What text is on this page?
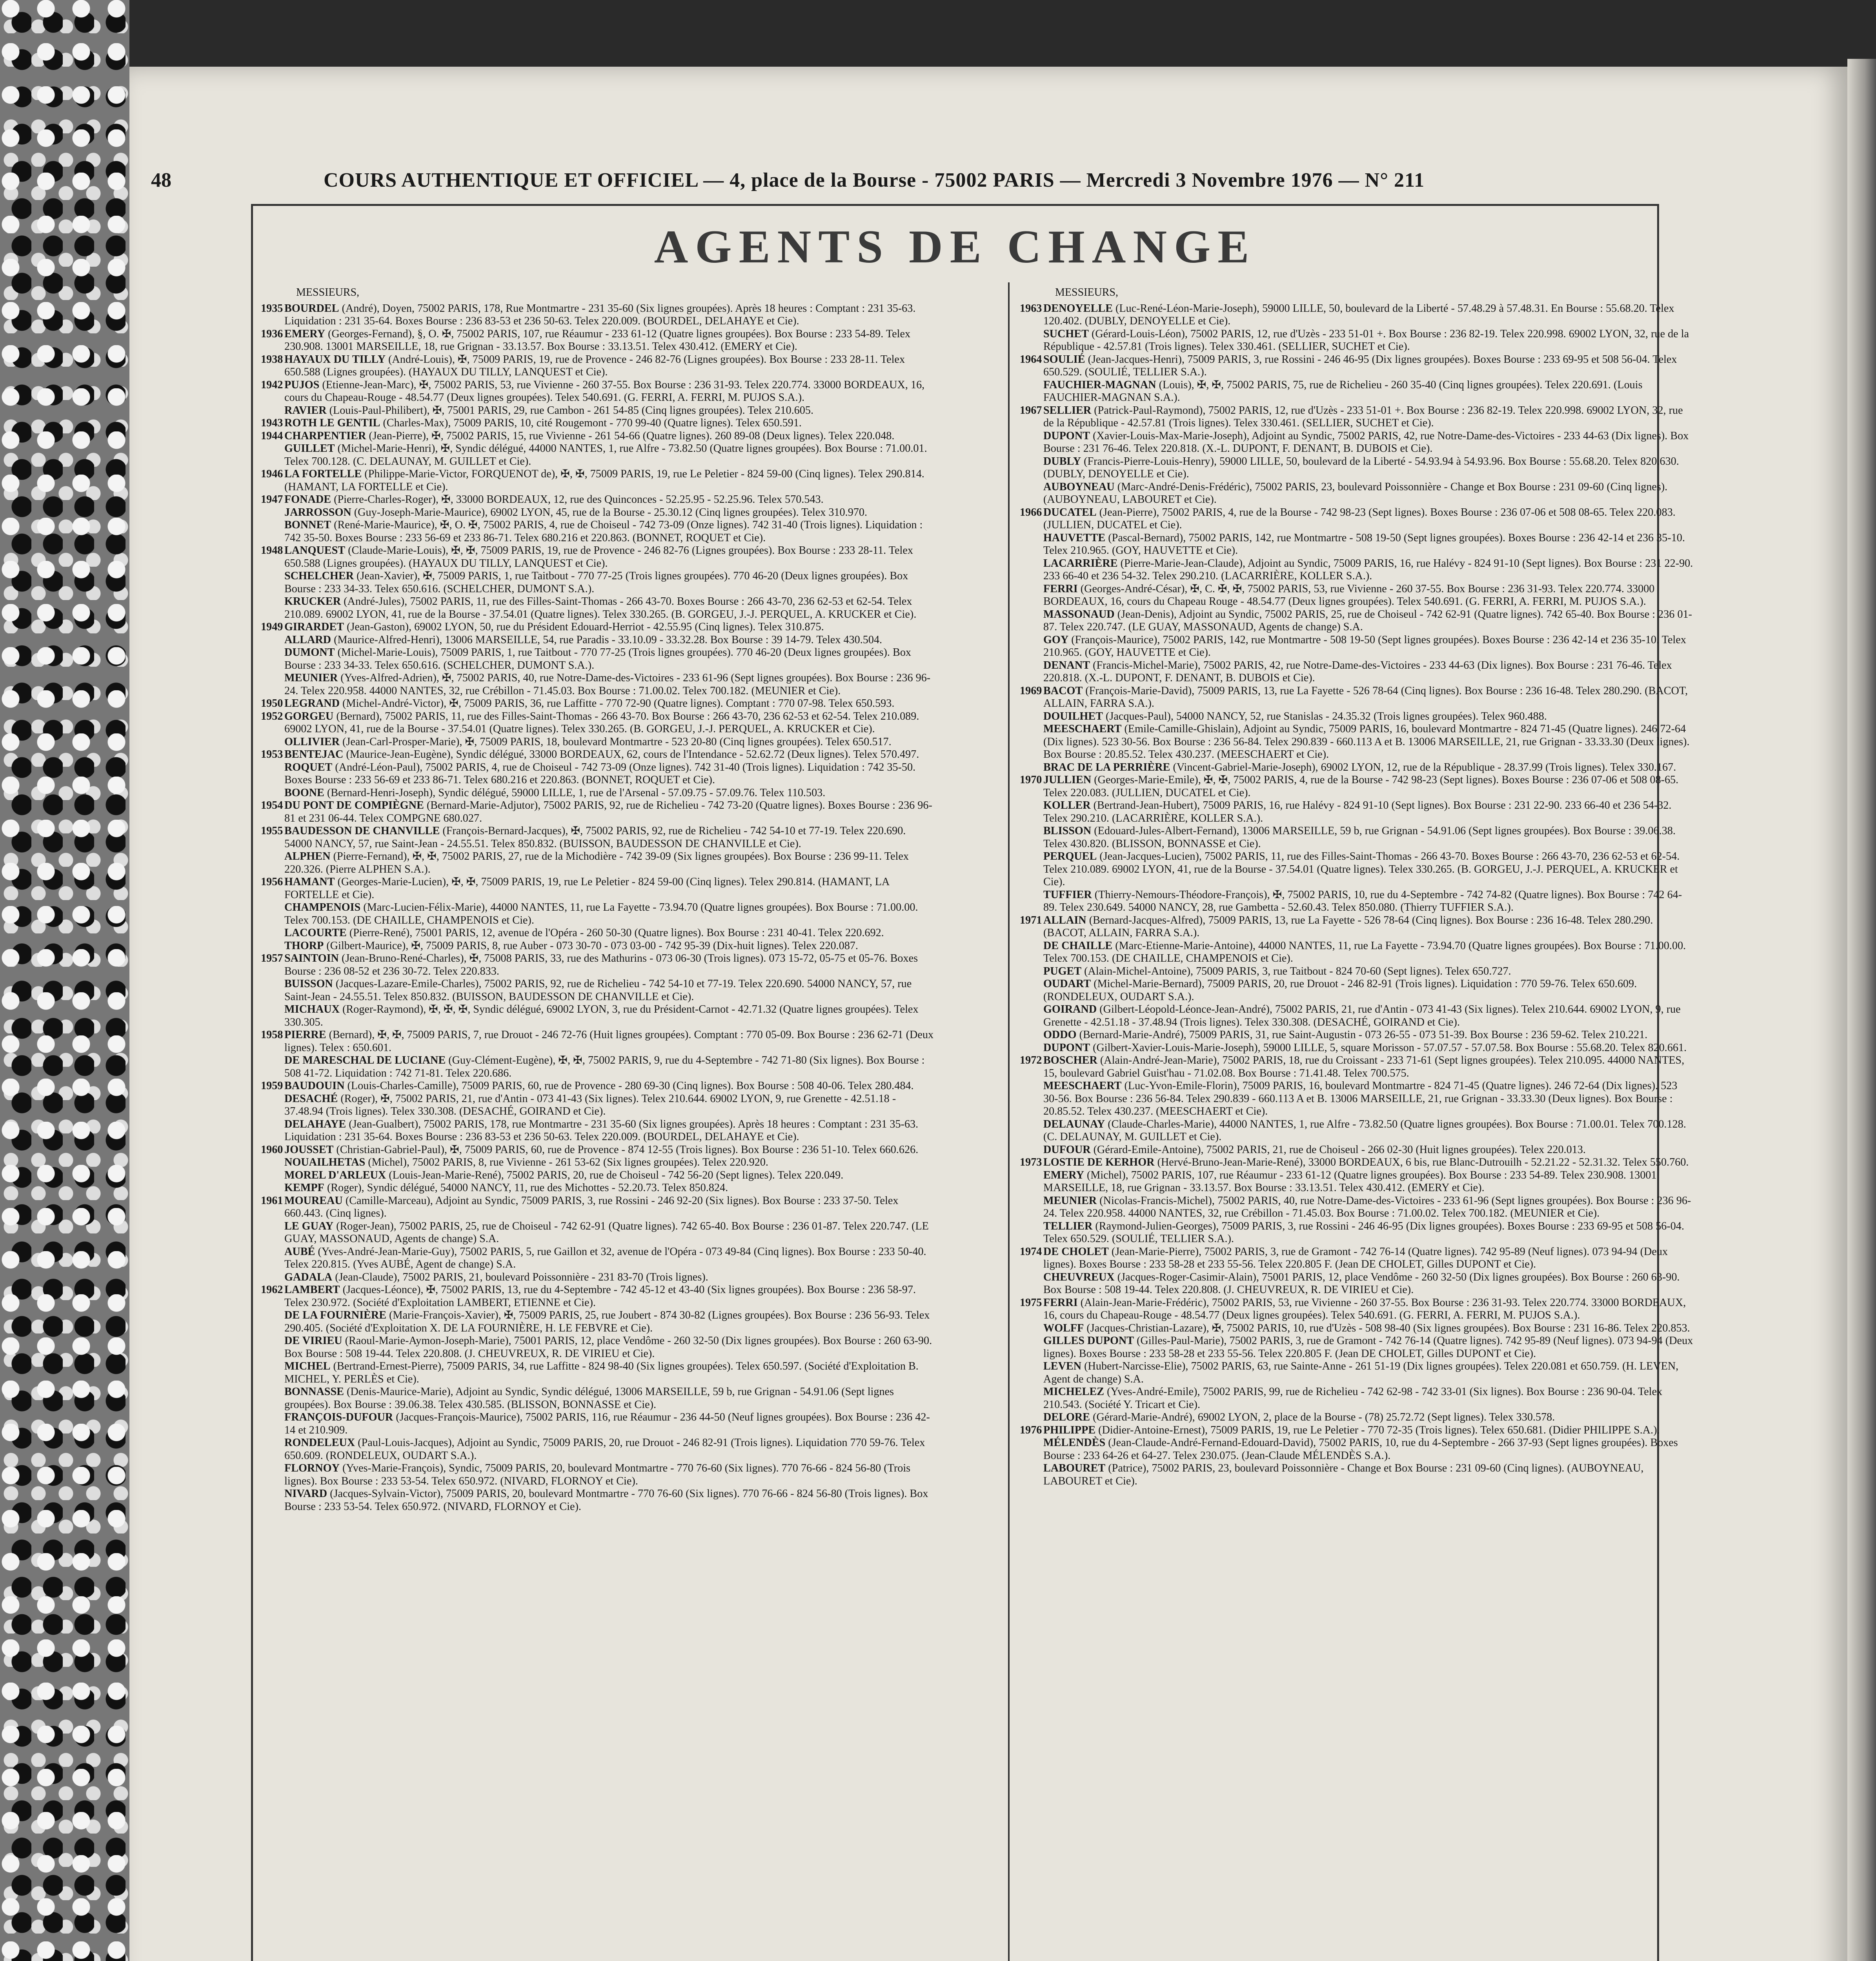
48	COURS AUTHENTIQUE ET OFFICIEL — 4, place de la Bourse - 75002 PARIS — Mercredi 3 Novembre 1976 — N° 211
AGENTS DE CHANGE
MESSIEURS,
1935 BOURDEL (André), Doyen, 75002 PARIS, 178, Rue Montmartre - 231 35-60 (Six lignes groupées). Après 18 heures : Comptant : 231 35-63. Liquidation : 231 35-64. Boxes Bourse : 236 83-53 et 236 50-63. Telex 220.009. (BOURDEL, DELAHAYE et Cie).
1936 EMERY (Georges-Fernand), §, O. ✠, 75002 PARIS, 107, rue Réaumur - 233 61-12 (Quatre lignes groupées). Box Bourse : 233 54-89. Telex 230.908. 13001 MARSEILLE, 18, rue Grignan - 33.13.57. Box Bourse : 33.13.51. Telex 430.412. (EMERY et Cie).
1938 HAYAUX DU TILLY (André-Louis), ✠, 75009 PARIS, 19, rue de Provence - 246 82-76 (Lignes groupées). Box Bourse : 233 28-11. Telex 650.588 (Lignes groupées). (HAYAUX DU TILLY, LANQUEST et Cie).
1942 PUJOS (Etienne-Jean-Marc), ✠, 75002 PARIS, 53, rue Vivienne - 260 37-55. Box Bourse : 236 31-93. Telex 220.774. 33000 BORDEAUX, 16, cours du Chapeau-Rouge - 48.54.77 (Deux lignes groupées). Telex 540.691. (G. FERRI, A. FERRI, M. PUJOS S.A.).
RAVIER (Louis-Paul-Philibert), ✠, 75001 PARIS, 29, rue Cambon - 261 54-85 (Cinq lignes groupées). Telex 210.605.
1943 ROTH LE GENTIL (Charles-Max), 75009 PARIS, 10, cité Rougemont - 770 99-40 (Quatre lignes). Telex 650.591.
1944 CHARPENTIER (Jean-Pierre), ✠, 75002 PARIS, 15, rue Vivienne - 261 54-66 (Quatre lignes). 260 89-08 (Deux lignes). Telex 220.048.
GUILLET (Michel-Marie-Henri), ✠, Syndic délégué, 44000 NANTES, 1, rue Alfre - 73.82.50 (Quatre lignes groupées). Box Bourse : 71.00.01. Telex 700.128. (C. DELAUNAY, M. GUILLET et Cie).
1946 LA FORTELLE (Philippe-Marie-Victor, FORQUENOT de), ✠, ✠, 75009 PARIS, 19, rue Le Peletier - 824 59-00 (Cinq lignes). Telex 290.814. (HAMANT, LA FORTELLE et Cie).
1947 FONADE (Pierre-Charles-Roger), ✠, 33000 BORDEAUX, 12, rue des Quinconces - 52.25.95 - 52.25.96. Telex 570.543.
JARROSSON (Guy-Joseph-Marie-Maurice), 69002 LYON, 45, rue de la Bourse - 25.30.12 (Cinq lignes groupées). Telex 310.970.
BONNET (René-Marie-Maurice), ✠, O. ✠, 75002 PARIS, 4, rue de Choiseul - 742 73-09 (Onze lignes). 742 31-40 (Trois lignes). Liquidation : 742 35-50. Boxes Bourse : 233 56-69 et 233 86-71. Telex 680.216 et 220.863. (BONNET, ROQUET et Cie).
1948 LANQUEST (Claude-Marie-Louis), ✠, ✠, 75009 PARIS, 19, rue de Provence - 246 82-76 (Lignes groupées). Box Bourse : 233 28-11. Telex 650.588 (Lignes groupées). (HAYAUX DU TILLY, LANQUEST et Cie).
SCHELCHER (Jean-Xavier), ✠, 75009 PARIS, 1, rue Taitbout - 770 77-25 (Trois lignes groupées). 770 46-20 (Deux lignes groupées). Box Bourse : 233 34-33. Telex 650.616. (SCHELCHER, DUMONT S.A.).
KRUCKER (André-Jules), 75002 PARIS, 11, rue des Filles-Saint-Thomas - 266 43-70. Boxes Bourse : 266 43-70, 236 62-53 et 62-54. Telex 210.089. 69002 LYON, 41, rue de la Bourse - 37.54.01 (Quatre lignes). Telex 330.265. (B. GORGEU, J.-J. PERQUEL, A. KRUCKER et Cie).
1949 GIRARDET (Jean-Gaston), 69002 LYON, 50, rue du Président Edouard-Herriot - 42.55.95 (Cinq lignes). Telex 310.875.
ALLARD (Maurice-Alfred-Henri), 13006 MARSEILLE, 54, rue Paradis - 33.10.09 - 33.32.28. Box Bourse : 39 14-79. Telex 430.504.
DUMONT (Michel-Marie-Louis), 75009 PARIS, 1, rue Taitbout - 770 77-25 (Trois lignes groupées). 770 46-20 (Deux lignes groupées). Box Bourse : 233 34-33. Telex 650.616. (SCHELCHER, DUMONT S.A.).
MEUNIER (Yves-Alfred-Adrien), ✠, 75002 PARIS, 40, rue Notre-Dame-des-Victoires - 233 61-96 (Sept lignes groupées). Box Bourse : 236 96-24. Telex 220.958. 44000 NANTES, 32, rue Crébillon - 71.45.03. Box Bourse : 71.00.02. Telex 700.182. (MEUNIER et Cie).
1950 LEGRAND (Michel-André-Victor), ✠, 75009 PARIS, 36, rue Laffitte - 770 72-90 (Quatre lignes). Comptant : 770 07-98. Telex 650.593.
1952 GORGEU (Bernard), 75002 PARIS, 11, rue des Filles-Saint-Thomas - 266 43-70. Box Bourse : 266 43-70, 236 62-53 et 62-54. Telex 210.089. 69002 LYON, 41, rue de la Bourse - 37.54.01 (Quatre lignes). Telex 330.265. (B. GORGEU, J.-J. PERQUEL, A. KRUCKER et Cie).
OLLIVIER (Jean-Carl-Prosper-Marie), ✠, 75009 PARIS, 18, boulevard Montmartre - 523 20-80 (Cinq lignes groupées). Telex 650.517.
1953 BENTEJAC (Maurice-Jean-Eugène), Syndic délégué, 33000 BORDEAUX, 62, cours de l'Intendance - 52.62.72 (Deux lignes). Telex 570.497.
ROQUET (André-Léon-Paul), 75002 PARIS, 4, rue de Choiseul - 742 73-09 (Onze lignes). 742 31-40 (Trois lignes). Liquidation : 742 35-50. Boxes Bourse : 233 56-69 et 233 86-71. Telex 680.216 et 220.863. (BONNET, ROQUET et Cie).
BOONE (Bernard-Henri-Joseph), Syndic délégué, 59000 LILLE, 1, rue de l'Arsenal - 57.09.75 - 57.09.76. Telex 110.503.
1954 DU PONT DE COMPIÈGNE (Bernard-Marie-Adjutor), 75002 PARIS, 92, rue de Richelieu - 742 73-20 (Quatre lignes). Boxes Bourse : 236 96-81 et 231 06-44. Telex COMPGNE 680.027.
1955 BAUDESSON DE CHANVILLE (François-Bernard-Jacques), ✠, 75002 PARIS, 92, rue de Richelieu - 742 54-10 et 77-19. Telex 220.690. 54000 NANCY, 57, rue Saint-Jean - 24.55.51. Telex 850.832. (BUISSON, BAUDESSON DE CHANVILLE et Cie).
ALPHEN (Pierre-Fernand), ✠, ✠, 75002 PARIS, 27, rue de la Michodière - 742 39-09 (Six lignes groupées). Box Bourse : 236 99-11. Telex 220.326. (Pierre ALPHEN S.A.).
1956 HAMANT (Georges-Marie-Lucien), ✠, ✠, 75009 PARIS, 19, rue Le Peletier - 824 59-00 (Cinq lignes). Telex 290.814. (HAMANT, LA FORTELLE et Cie).
CHAMPENOIS (Marc-Lucien-Félix-Marie), 44000 NANTES, 11, rue La Fayette - 73.94.70 (Quatre lignes groupées). Box Bourse : 71.00.00. Telex 700.153. (DE CHAILLE, CHAMPENOIS et Cie).
LACOURTE (Pierre-René), 75001 PARIS, 12, avenue de l'Opéra - 260 50-30 (Quatre lignes). Box Bourse : 231 40-41. Telex 220.692.
THORP (Gilbert-Maurice), ✠, 75009 PARIS, 8, rue Auber - 073 30-70 - 073 03-00 - 742 95-39 (Dix-huit lignes). Telex 220.087.
1957 SAINTOIN (Jean-Bruno-René-Charles), ✠, 75008 PARIS, 33, rue des Mathurins - 073 06-30 (Trois lignes). 073 15-72, 05-75 et 05-76. Boxes Bourse : 236 08-52 et 236 30-72. Telex 220.833.
BUISSON (Jacques-Lazare-Emile-Charles), 75002 PARIS, 92, rue de Richelieu - 742 54-10 et 77-19. Telex 220.690. 54000 NANCY, 57, rue Saint-Jean - 24.55.51. Telex 850.832. (BUISSON, BAUDESSON DE CHANVILLE et Cie).
MICHAUX (Roger-Raymond), ✠, ✠, ✠, Syndic délégué, 69002 LYON, 3, rue du Président-Carnot - 42.71.32 (Quatre lignes groupées). Telex 330.305.
1958 PIERRE (Bernard), ✠, ✠, 75009 PARIS, 7, rue Drouot - 246 72-76 (Huit lignes groupées). Comptant : 770 05-09. Box Bourse : 236 62-71 (Deux lignes). Telex : 650.601.
DE MARESCHAL DE LUCIANE (Guy-Clément-Eugène), ✠, ✠, 75002 PARIS, 9, rue du 4-Septembre - 742 71-80 (Six lignes). Box Bourse : 508 41-72. Liquidation : 742 71-81. Telex 220.686.
1959 BAUDOUIN (Louis-Charles-Camille), 75009 PARIS, 60, rue de Provence - 280 69-30 (Cinq lignes). Box Bourse : 508 40-06. Telex 280.484.
DESACHÉ (Roger), ✠, 75002 PARIS, 21, rue d'Antin - 073 41-43 (Six lignes). Telex 210.644. 69002 LYON, 9, rue Grenette - 42.51.18 - 37.48.94 (Trois lignes). Telex 330.308. (DESACHÉ, GOIRAND et Cie).
DELAHAYE (Jean-Gualbert), 75002 PARIS, 178, rue Montmartre - 231 35-60 (Six lignes groupées). Après 18 heures : Comptant : 231 35-63. Liquidation : 231 35-64. Boxes Bourse : 236 83-53 et 236 50-63. Telex 220.009. (BOURDEL, DELAHAYE et Cie).
1960 JOUSSET (Christian-Gabriel-Paul), ✠, 75009 PARIS, 60, rue de Provence - 874 12-55 (Trois lignes). Box Bourse : 236 51-10. Telex 660.626.
NOUAILHETAS (Michel), 75002 PARIS, 8, rue Vivienne - 261 53-62 (Six lignes groupées). Telex 220.920.
MOREL D'ARLEUX (Louis-Jean-Marie-René), 75002 PARIS, 20, rue de Choiseul - 742 56-20 (Sept lignes). Telex 220.049.
KEMPF (Roger), Syndic délégué, 54000 NANCY, 11, rue des Michottes - 52.20.73. Telex 850.824.
1961 MOUREAU (Camille-Marceau), Adjoint au Syndic, 75009 PARIS, 3, rue Rossini - 246 92-20 (Six lignes). Box Bourse : 233 37-50. Telex 660.443. (Cinq lignes).
LE GUAY (Roger-Jean), 75002 PARIS, 25, rue de Choiseul - 742 62-91 (Quatre lignes). 742 65-40. Box Bourse : 236 01-87. Telex 220.747. (LE GUAY, MASSONAUD, Agents de change) S.A.
AUBÉ (Yves-André-Jean-Marie-Guy), 75002 PARIS, 5, rue Gaillon et 32, avenue de l'Opéra - 073 49-84 (Cinq lignes). Box Bourse : 233 50-40. Telex 220.815. (Yves AUBÉ, Agent de change) S.A.
GADALA (Jean-Claude), 75002 PARIS, 21, boulevard Poissonnière - 231 83-70 (Trois lignes).
1962 LAMBERT (Jacques-Léonce), ✠, 75002 PARIS, 13, rue du 4-Septembre - 742 45-12 et 43-40 (Six lignes groupées). Box Bourse : 236 58-97. Telex 230.972. (Société d'Exploitation LAMBERT, ETIENNE et Cie).
DE LA FOURNIÈRE (Marie-François-Xavier), ✠, 75009 PARIS, 25, rue Joubert - 874 30-82 (Lignes groupées). Box Bourse : 236 56-93. Telex 290.405. (Société d'Exploitation X. DE LA FOURNIÈRE, H. LE FEBVRE et Cie).
DE VIRIEU (Raoul-Marie-Aymon-Joseph-Marie), 75001 PARIS, 12, place Vendôme - 260 32-50 (Dix lignes groupées). Box Bourse : 260 63-90. Box Bourse : 508 19-44. Telex 220.808. (J. CHEUVREUX, R. DE VIRIEU et Cie).
MICHEL (Bertrand-Ernest-Pierre), 75009 PARIS, 34, rue Laffitte - 824 98-40 (Six lignes groupées). Telex 650.597. (Société d'Exploitation B. MICHEL, Y. PERLÈS et Cie).
BONNASSE (Denis-Maurice-Marie), Adjoint au Syndic, Syndic délégué, 13006 MARSEILLE, 59 b, rue Grignan - 54.91.06 (Sept lignes groupées). Box Bourse : 39.06.38. Telex 430.585. (BLISSON, BONNASSE et Cie).
FRANÇOIS-DUFOUR (Jacques-François-Maurice), 75002 PARIS, 116, rue Réaumur - 236 44-50 (Neuf lignes groupées). Box Bourse : 236 42-14 et 210.909.
RONDELEUX (Paul-Louis-Jacques), Adjoint au Syndic, 75009 PARIS, 20, rue Drouot - 246 82-91 (Trois lignes). Liquidation 770 59-76. Telex 650.609. (RONDELEUX, OUDART S.A.).
FLORNOY (Yves-Marie-François), Syndic, 75009 PARIS, 20, boulevard Montmartre - 770 76-60 (Six lignes). 770 76-66 - 824 56-80 (Trois lignes). Box Bourse : 233 53-54. Telex 650.972. (NIVARD, FLORNOY et Cie).
NIVARD (Jacques-Sylvain-Victor), 75009 PARIS, 20, boulevard Montmartre - 770 76-60 (Six lignes). 770 76-66 - 824 56-80 (Trois lignes). Box Bourse : 233 53-54. Telex 650.972. (NIVARD, FLORNOY et Cie).
MESSIEURS,
1963 DENOYELLE (Luc-René-Léon-Marie-Joseph), 59000 LILLE, 50, boulevard de la Liberté - 57.48.29 à 57.48.31. En Bourse : 55.68.20. Telex 120.402. (DUBLY, DENOYELLE et Cie).
SUCHET (Gérard-Louis-Léon), 75002 PARIS, 12, rue d'Uzès - 233 51-01 +. Box Bourse : 236 82-19. Telex 220.998. 69002 LYON, 32, rue de la République - 42.57.81 (Trois lignes). Telex 330.461. (SELLIER, SUCHET et Cie).
1964 SOULIÉ (Jean-Jacques-Henri), 75009 PARIS, 3, rue Rossini - 246 46-95 (Dix lignes groupées). Boxes Bourse : 233 69-95 et 508 56-04. Telex 650.529. (SOULIÉ, TELLIER S.A.).
FAUCHIER-MAGNAN (Louis), ✠, ✠, 75002 PARIS, 75, rue de Richelieu - 260 35-40 (Cinq lignes groupées). Telex 220.691. (Louis FAUCHIER-MAGNAN S.A.).
1967 SELLIER (Patrick-Paul-Raymond), 75002 PARIS, 12, rue d'Uzès - 233 51-01 +. Box Bourse : 236 82-19. Telex 220.998. 69002 LYON, 32, rue de la République - 42.57.81 (Trois lignes). Telex 330.461. (SELLIER, SUCHET et Cie).
DUPONT (Xavier-Louis-Max-Marie-Joseph), Adjoint au Syndic, 75002 PARIS, 42, rue Notre-Dame-des-Victoires - 233 44-63 (Dix lignes). Box Bourse : 231 76-46. Telex 220.818. (X.-L. DUPONT, F. DENANT, B. DUBOIS et Cie).
DUBLY (Francis-Pierre-Louis-Henry), 59000 LILLE, 50, boulevard de la Liberté - 54.93.94 à 54.93.96. Box Bourse : 55.68.20. Telex 820.630. (DUBLY, DENOYELLE et Cie).
AUBOYNEAU (Marc-André-Denis-Frédéric), 75002 PARIS, 23, boulevard Poissonnière - Change et Box Bourse : 231 09-60 (Cinq lignes). (AUBOYNEAU, LABOURET et Cie).
1966 DUCATEL (Jean-Pierre), 75002 PARIS, 4, rue de la Bourse - 742 98-23 (Sept lignes). Boxes Bourse : 236 07-06 et 508 08-65. Telex 220.083. (JULLIEN, DUCATEL et Cie).
HAUVETTE (Pascal-Bernard), 75002 PARIS, 142, rue Montmartre - 508 19-50 (Sept lignes groupées). Boxes Bourse : 236 42-14 et 236 35-10. Telex 210.965. (GOY, HAUVETTE et Cie).
LACARRIÈRE (Pierre-Marie-Jean-Claude), Adjoint au Syndic, 75009 PARIS, 16, rue Halévy - 824 91-10 (Sept lignes). Box Bourse : 231 22-90. 233 66-40 et 236 54-32. Telex 290.210. (LACARRIÈRE, KOLLER S.A.).
FERRI (Georges-André-César), ✠, C. ✠, ✠, 75002 PARIS, 53, rue Vivienne - 260 37-55. Box Bourse : 236 31-93. Telex 220.774. 33000 BORDEAUX, 16, cours du Chapeau Rouge - 48.54.77 (Deux lignes groupées). Telex 540.691. (G. FERRI, A. FERRI, M. PUJOS S.A.).
MASSONAUD (Jean-Denis), Adjoint au Syndic, 75002 PARIS, 25, rue de Choiseul - 742 62-91 (Quatre lignes). 742 65-40. Box Bourse : 236 01-87. Telex 220.747. (LE GUAY, MASSONAUD, Agents de change) S.A.
GOY (François-Maurice), 75002 PARIS, 142, rue Montmartre - 508 19-50 (Sept lignes groupées). Boxes Bourse : 236 42-14 et 236 35-10. Telex 210.965. (GOY, HAUVETTE et Cie).
DENANT (Francis-Michel-Marie), 75002 PARIS, 42, rue Notre-Dame-des-Victoires - 233 44-63 (Dix lignes). Box Bourse : 231 76-46. Telex 220.818. (X.-L. DUPONT, F. DENANT, B. DUBOIS et Cie).
1969 BACOT (François-Marie-David), 75009 PARIS, 13, rue La Fayette - 526 78-64 (Cinq lignes). Box Bourse : 236 16-48. Telex 280.290. (BACOT, ALLAIN, FARRA S.A.).
DOUILHET (Jacques-Paul), 54000 NANCY, 52, rue Stanislas - 24.35.32 (Trois lignes groupées). Telex 960.488.
MEESCHAERT (Emile-Camille-Ghislain), Adjoint au Syndic, 75009 PARIS, 16, boulevard Montmartre - 824 71-45 (Quatre lignes). 246 72-64 (Dix lignes). 523 30-56. Box Bourse : 236 56-84. Telex 290.839 - 660.113 A et B. 13006 MARSEILLE, 21, rue Grignan - 33.33.30 (Deux lignes). Box Bourse : 20.85.52. Telex 430.237. (MEESCHAERT et Cie).
BRAC DE LA PERRIÈRE (Vincent-Gabriel-Marie-Joseph), 69002 LYON, 12, rue de la République - 28.37.99 (Trois lignes). Telex 330.167.
1970 JULLIEN (Georges-Marie-Emile), ✠, ✠, 75002 PARIS, 4, rue de la Bourse - 742 98-23 (Sept lignes). Boxes Bourse : 236 07-06 et 508 08-65. Telex 220.083. (JULLIEN, DUCATEL et Cie).
KOLLER (Bertrand-Jean-Hubert), 75009 PARIS, 16, rue Halévy - 824 91-10 (Sept lignes). Box Bourse : 231 22-90. 233 66-40 et 236 54-32. Telex 290.210. (LACARRIÈRE, KOLLER S.A.).
BLISSON (Edouard-Jules-Albert-Fernand), 13006 MARSEILLE, 59 b, rue Grignan - 54.91.06 (Sept lignes groupées). Box Bourse : 39.06.38. Telex 430.820. (BLISSON, BONNASSE et Cie).
PERQUEL (Jean-Jacques-Lucien), 75002 PARIS, 11, rue des Filles-Saint-Thomas - 266 43-70. Boxes Bourse : 266 43-70, 236 62-53 et 62-54. Telex 210.089. 69002 LYON, 41, rue de la Bourse - 37.54.01 (Quatre lignes). Telex 330.265. (B. GORGEU, J.-J. PERQUEL, A. KRUCKER et Cie).
TUFFIER (Thierry-Nemours-Théodore-François), ✠, 75002 PARIS, 10, rue du 4-Septembre - 742 74-82 (Quatre lignes). Box Bourse : 742 64-89. Telex 230.649. 54000 NANCY, 28, rue Gambetta - 52.60.43. Telex 850.080. (Thierry TUFFIER S.A.).
1971 ALLAIN (Bernard-Jacques-Alfred), 75009 PARIS, 13, rue La Fayette - 526 78-64 (Cinq lignes). Box Bourse : 236 16-48. Telex 280.290. (BACOT, ALLAIN, FARRA S.A.).
DE CHAILLE (Marc-Etienne-Marie-Antoine), 44000 NANTES, 11, rue La Fayette - 73.94.70 (Quatre lignes groupées). Box Bourse : 71.00.00. Telex 700.153. (DE CHAILLE, CHAMPENOIS et Cie).
PUGET (Alain-Michel-Antoine), 75009 PARIS, 3, rue Taitbout - 824 70-60 (Sept lignes). Telex 650.727.
OUDART (Michel-Marie-Bernard), 75009 PARIS, 20, rue Drouot - 246 82-91 (Trois lignes). Liquidation : 770 59-76. Telex 650.609. (RONDELEUX, OUDART S.A.).
GOIRAND (Gilbert-Léopold-Léonce-Jean-André), 75002 PARIS, 21, rue d'Antin - 073 41-43 (Six lignes). Telex 210.644. 69002 LYON, 9, rue Grenette - 42.51.18 - 37.48.94 (Trois lignes). Telex 330.308. (DESACHÉ, GOIRAND et Cie).
ODDO (Bernard-Marie-André), 75009 PARIS, 31, rue Saint-Augustin - 073 26-55 - 073 51-39. Box Bourse : 236 59-62. Telex 210.221.
DUPONT (Gilbert-Xavier-Louis-Marie-Joseph), 59000 LILLE, 5, square Morisson - 57.07.57 - 57.07.58. Box Bourse : 55.68.20. Telex 820.661.
1972 BOSCHER (Alain-André-Jean-Marie), 75002 PARIS, 18, rue du Croissant - 233 71-61 (Sept lignes groupées). Telex 210.095. 44000 NANTES, 15, boulevard Gabriel Guist'hau - 71.02.08. Box Bourse : 71.41.48. Telex 700.575.
MEESCHAERT (Luc-Yvon-Emile-Florin), 75009 PARIS, 16, boulevard Montmartre - 824 71-45 (Quatre lignes). 246 72-64 (Dix lignes). 523 30-56. Box Bourse : 236 56-84. Telex 290.839 - 660.113 A et B. 13006 MARSEILLE, 21, rue Grignan - 33.33.30 (Deux lignes). Box Bourse : 20.85.52. Telex 430.237. (MEESCHAERT et Cie).
DELAUNAY (Claude-Charles-Marie), 44000 NANTES, 1, rue Alfre - 73.82.50 (Quatre lignes groupées). Box Bourse : 71.00.01. Telex 700.128. (C. DELAUNAY, M. GUILLET et Cie).
DUFOUR (Gérard-Emile-Antoine), 75002 PARIS, 21, rue de Choiseul - 266 02-30 (Huit lignes groupées). Telex 220.013.
1973 LOSTIE DE KERHOR (Hervé-Bruno-Jean-Marie-René), 33000 BORDEAUX, 6 bis, rue Blanc-Dutrouilh - 52.21.22 - 52.31.32. Telex 550.760.
EMERY (Michel), 75002 PARIS, 107, rue Réaumur - 233 61-12 (Quatre lignes groupées). Box Bourse : 233 54-89. Telex 230.908. 13001 MARSEILLE, 18, rue Grignan - 33.13.57. Box Bourse : 33.13.51. Telex 430.412. (EMERY et Cie).
MEUNIER (Nicolas-Francis-Michel), 75002 PARIS, 40, rue Notre-Dame-des-Victoires - 233 61-96 (Sept lignes groupées). Box Bourse : 236 96-24. Telex 220.958. 44000 NANTES, 32, rue Crébillon - 71.45.03. Box Bourse : 71.00.02. Telex 700.182. (MEUNIER et Cie).
TELLIER (Raymond-Julien-Georges), 75009 PARIS, 3, rue Rossini - 246 46-95 (Dix lignes groupées). Boxes Bourse : 233 69-95 et 508 56-04. Telex 650.529. (SOULIÉ, TELLIER S.A.).
1974 DE CHOLET (Jean-Marie-Pierre), 75002 PARIS, 3, rue de Gramont - 742 76-14 (Quatre lignes). 742 95-89 (Neuf lignes). 073 94-94 (Deux lignes). Boxes Bourse : 233 58-28 et 233 55-56. Telex 220.805 F. (Jean DE CHOLET, Gilles DUPONT et Cie).
CHEUVREUX (Jacques-Roger-Casimir-Alain), 75001 PARIS, 12, place Vendôme - 260 32-50 (Dix lignes groupées). Box Bourse : 260 63-90. Box Bourse : 508 19-44. Telex 220.808. (J. CHEUVREUX, R. DE VIRIEU et Cie).
1975 FERRI (Alain-Jean-Marie-Frédéric), 75002 PARIS, 53, rue Vivienne - 260 37-55. Box Bourse : 236 31-93. Telex 220.774. 33000 BORDEAUX, 16, cours du Chapeau-Rouge - 48.54.77 (Deux lignes groupées). Telex 540.691. (G. FERRI, A. FERRI, M. PUJOS S.A.).
WOLFF (Jacques-Christian-Lazare), ✠, 75002 PARIS, 10, rue d'Uzès - 508 98-40 (Six lignes groupées). Box Bourse : 231 16-86. Telex 220.853.
GILLES DUPONT (Gilles-Paul-Marie), 75002 PARIS, 3, rue de Gramont - 742 76-14 (Quatre lignes). 742 95-89 (Neuf lignes). 073 94-94 (Deux lignes). Boxes Bourse : 233 58-28 et 233 55-56. Telex 220.805 F. (Jean DE CHOLET, Gilles DUPONT et Cie).
LEVEN (Hubert-Narcisse-Elie), 75002 PARIS, 63, rue Sainte-Anne - 261 51-19 (Dix lignes groupées). Telex 220.081 et 650.759. (H. LEVEN, Agent de change) S.A.
MICHELEZ (Yves-André-Emile), 75002 PARIS, 99, rue de Richelieu - 742 62-98 - 742 33-01 (Six lignes). Box Bourse : 236 90-04. Telex 210.543. (Société Y. Tricart et Cie).
DELORE (Gérard-Marie-André), 69002 LYON, 2, place de la Bourse - (78) 25.72.72 (Sept lignes). Telex 330.578.
1976 PHILIPPE (Didier-Antoine-Ernest), 75009 PARIS, 19, rue Le Peletier - 770 72-35 (Trois lignes). Telex 650.681. (Didier PHILIPPE S.A.).
MÉLENDÈS (Jean-Claude-André-Fernand-Edouard-David), 75002 PARIS, 10, rue du 4-Septembre - 266 37-93 (Sept lignes groupées). Boxes Bourse : 233 64-26 et 64-27. Telex 230.075. (Jean-Claude MÉLENDÈS S.A.).
LABOURET (Patrice), 75002 PARIS, 23, boulevard Poissonnière - Change et Box Bourse : 231 09-60 (Cinq lignes). (AUBOYNEAU, LABOURET et Cie).
